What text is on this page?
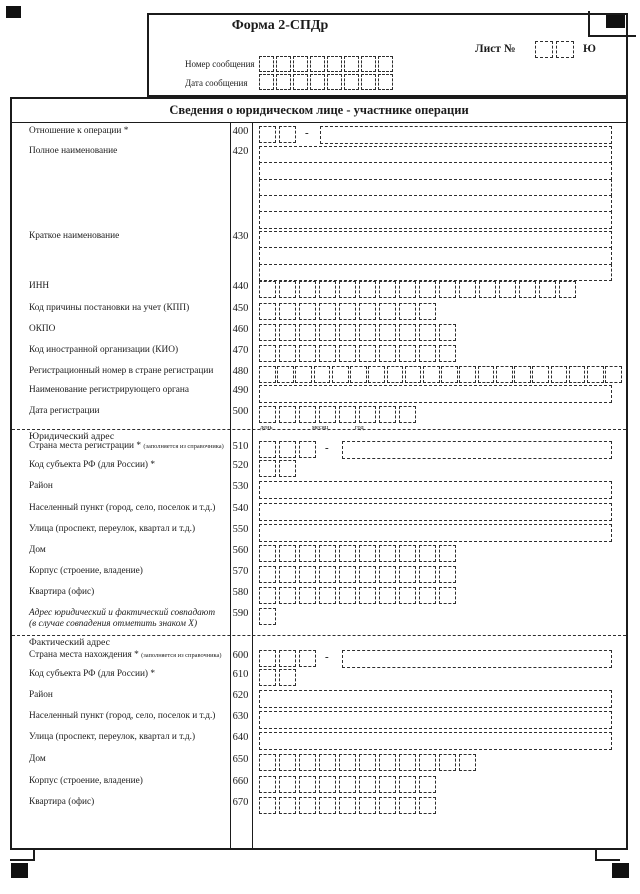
Форма 2-СПДр
Лист №	Ю
Номер сообщения
Дата сообщения
Сведения о юридическом лице - участнике операции
Отношение к операции *	400	-
Полное наименование	420
Краткое наименование	430
ИНН	440
Код причины постановки на учет (КПП)	450
ОКПО	460
Код иностранной организации (КИО)	470
Регистрационный номер в стране регистрации	480
Наименование регистрирующего органа	490
Дата регистрации	500
день	месяц	год
Юридический адрес
Страна места регистрации * (заполняется из справочника) 510	-
Код субъекта РФ (для России) *	520
Район	530
Населенный пункт (город, село, поселок и т.д.)	540
Улица (проспект, переулок, квартал и т.д.)	550
Дом	560
Корпус (строение, владение)	570
Квартира (офис)	580
Адрес юридический и фактический совпадают
(в случае совпадения отметить знаком X)
590
Фактический адрес
Страна места нахождения * (заполняется из справочника)	600	-
Код субъекта РФ (для России) *	610
Район	620
Населенный пункт (город, село, поселок и т.д.)	630
Улица (проспект, переулок, квартал и т.д.)	640
Дом	650
Корпус (строение, владение)	660
Квартира (офис)	670
